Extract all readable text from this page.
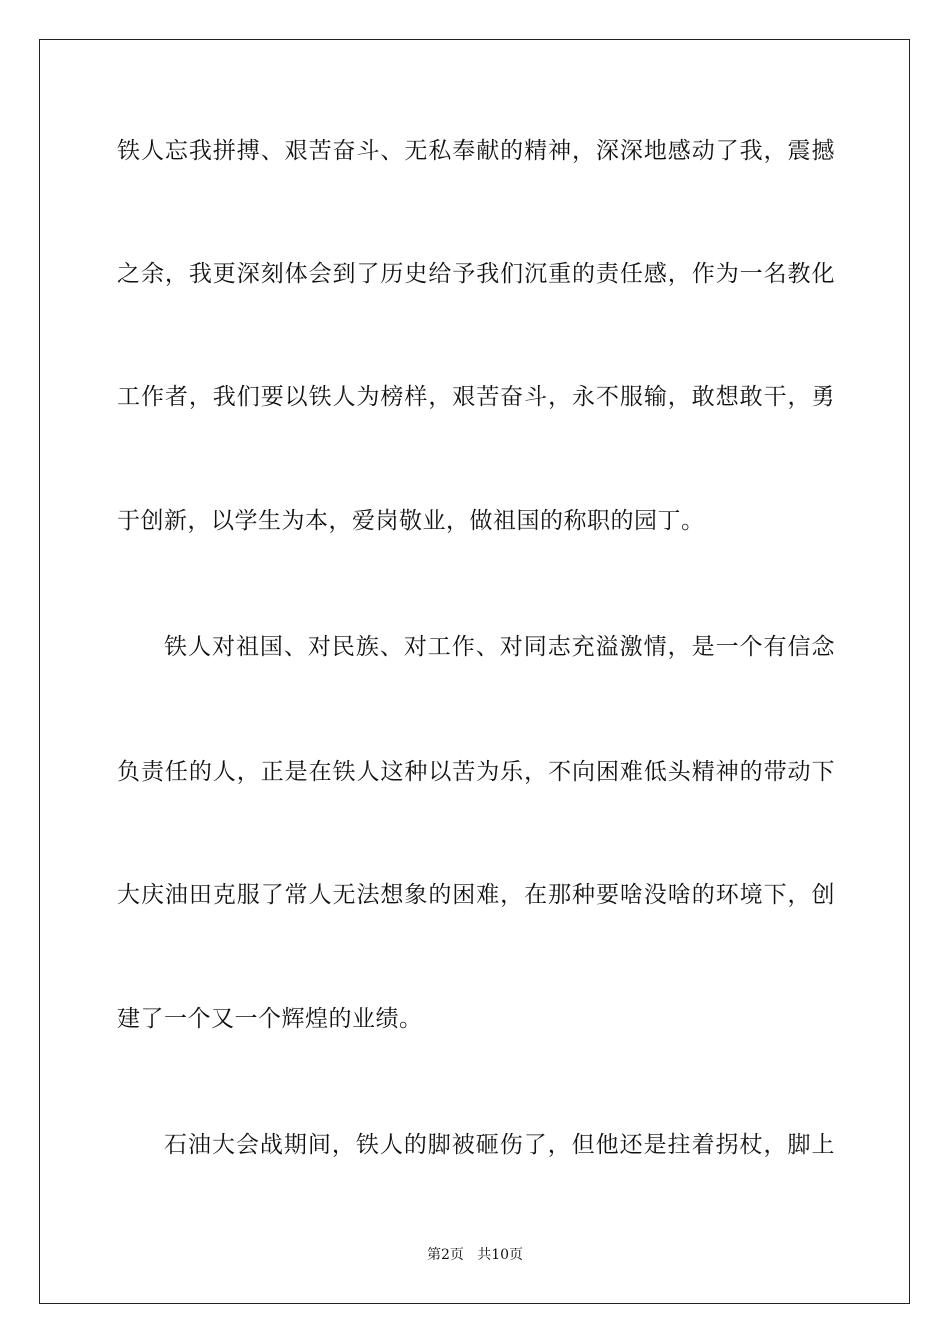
铁人忘我拼搏、艰苦奋斗、无私奉献的精神，深深地感动了我，震撼
之余，我更深刻体会到了历史给予我们沉重的责任感，作为一名教化
工作者，我们要以铁人为榜样，艰苦奋斗，永不服输，敢想敢干，勇
于创新，以学生为本，爱岗敬业，做祖国的称职的园丁。
铁人对祖国、对民族、对工作、对同志充溢激情，是一个有信念
负责任的人，正是在铁人这种以苦为乐，不向困难低头精神的带动下
大庆油田克服了常人无法想象的困难，在那种要啥没啥的环境下，创
建了一个又一个辉煌的业绩。
石油大会战期间，铁人的脚被砸伤了，但他还是拄着拐杖，脚上
第2页   共10页
